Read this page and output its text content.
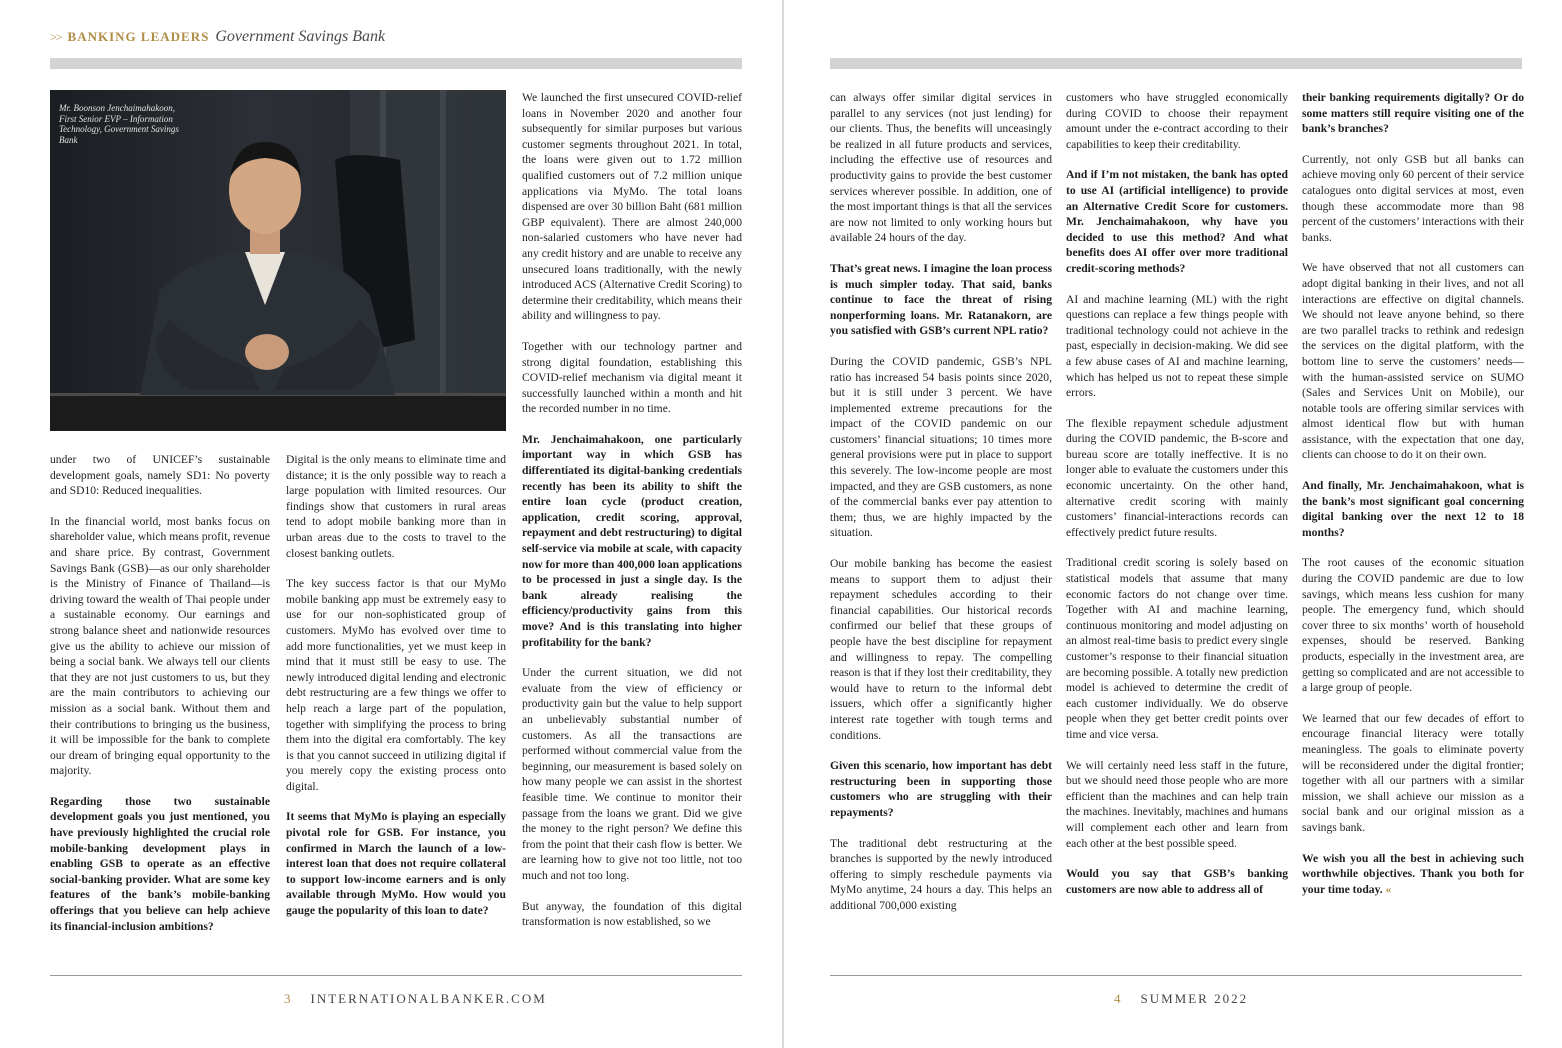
>> BANKING LEADERS Government Savings Bank
Mr. Boonson Jenchaimahakoon, First Senior EVP – Information Technology, Government Savings Bank

under two of UNICEF’s sustainable development goals, namely SD1: No poverty and SD10: Reduced inequalities.

In the financial world, most banks focus on shareholder value, which means profit, revenue and share price. By contrast, Government Savings Bank (GSB)—as our only shareholder is the Ministry of Finance of Thailand—is driving toward the wealth of Thai people under a sustainable economy. Our earnings and strong balance sheet and nationwide resources give us the ability to achieve our mission of being a social bank. We always tell our clients that they are not just customers to us, but they are the main contributors to achieving our mission as a social bank. Without them and their contributions to bringing us the business, it will be impossible for the bank to complete our dream of bringing equal opportunity to the majority.

Regarding those two sustainable development goals you just mentioned, you have previously highlighted the crucial role mobile-banking development plays in enabling GSB to operate as an effective social-banking provider. What are some key features of the bank’s mobile-banking offerings that you believe can help achieve its financial-inclusion ambitions?

Digital is the only means to eliminate time and distance; it is the only possible way to reach a large population with limited resources. Our findings show that customers in rural areas tend to adopt mobile banking more than in urban areas due to the costs to travel to the closest banking outlets.

The key success factor is that our MyMo mobile banking app must be extremely easy to use for our non-sophisticated group of customers. MyMo has evolved over time to add more functionalities, yet we must keep in mind that it must still be easy to use. The newly introduced digital lending and electronic debt restructuring are a few things we offer to help reach a large part of the population, together with simplifying the process to bring them into the digital era comfortably. The key is that you cannot succeed in utilizing digital if you merely copy the existing process onto digital.

It seems that MyMo is playing an especially pivotal role for GSB. For instance, you confirmed in March the launch of a low-interest loan that does not require collateral to support low-income earners and is only available through MyMo. How would you gauge the popularity of this loan to date?

We launched the first unsecured COVID-relief loans in November 2020 and another four subsequently for similar purposes but various customer segments throughout 2021. In total, the loans were given out to 1.72 million qualified customers out of 7.2 million unique applications via MyMo. The total loans dispensed are over 30 billion Baht (681 million GBP equivalent). There are almost 240,000 non-salaried customers who have never had any credit history and are unable to receive any unsecured loans traditionally, with the newly introduced ACS (Alternative Credit Scoring) to determine their creditability, which means their ability and willingness to pay.

Together with our technology partner and strong digital foundation, establishing this COVID-relief mechanism via digital meant it successfully launched within a month and hit the recorded number in no time.

Mr. Jenchaimahakoon, one particularly important way in which GSB has differentiated its digital-banking credentials recently has been its ability to shift the entire loan cycle (product creation, application, credit scoring, approval, repayment and debt restructuring) to digital self-service via mobile at scale, with capacity now for more than 400,000 loan applications to be processed in just a single day. Is the bank already realising the efficiency/productivity gains from this move? And is this translating into higher profitability for the bank?

Under the current situation, we did not evaluate from the view of efficiency or productivity gain but the value to help support an unbelievably substantial number of customers. As all the transactions are performed without commercial value from the beginning, our measurement is based solely on how many people we can assist in the shortest feasible time. We continue to monitor their passage from the loans we grant. Did we give the money to the right person? We define this from the point that their cash flow is better. We are learning how to give not too little, not too much and not too long.

But anyway, the foundation of this digital transformation is now established, so we

3 INTERNATIONALBANKER.COM

can always offer similar digital services in parallel to any services (not just lending) for our clients. Thus, the benefits will unceasingly be realized in all future products and services, including the effective use of resources and productivity gains to provide the best customer services wherever possible. In addition, one of the most important things is that all the services are now not limited to only working hours but available 24 hours of the day.

That’s great news. I imagine the loan process is much simpler today. That said, banks continue to face the threat of rising nonperforming loans. Mr. Ratanakorn, are you satisfied with GSB’s current NPL ratio?

During the COVID pandemic, GSB’s NPL ratio has increased 54 basis points since 2020, but it is still under 3 percent. We have implemented extreme precautions for the impact of the COVID pandemic on our customers’ financial situations; 10 times more general provisions were put in place to support this severely. The low-income people are most impacted, and they are GSB customers, as none of the commercial banks ever pay attention to them; thus, we are highly impacted by the situation.

Our mobile banking has become the easiest means to support them to adjust their repayment schedules according to their financial capabilities. Our historical records confirmed our belief that these groups of people have the best discipline for repayment and willingness to repay. The compelling reason is that if they lost their creditability, they would have to return to the informal debt issuers, which offer a significantly higher interest rate together with tough terms and conditions.

Given this scenario, how important has debt restructuring been in supporting those customers who are struggling with their repayments?

The traditional debt restructuring at the branches is supported by the newly introduced offering to simply reschedule payments via MyMo anytime, 24 hours a day. This helps an additional 700,000 existing

customers who have struggled economically during COVID to choose their repayment amount under the e-contract according to their capabilities to keep their creditability.

And if I’m not mistaken, the bank has opted to use AI (artificial intelligence) to provide an Alternative Credit Score for customers. Mr. Jenchaimahakoon, why have you decided to use this method? And what benefits does AI offer over more traditional credit-scoring methods?

AI and machine learning (ML) with the right questions can replace a few things people with traditional technology could not achieve in the past, especially in decision-making. We did see a few abuse cases of AI and machine learning, which has helped us not to repeat these simple errors.

The flexible repayment schedule adjustment during the COVID pandemic, the B-score and bureau score are totally ineffective. It is no longer able to evaluate the customers under this economic uncertainty. On the other hand, alternative credit scoring with mainly customers’ financial-interactions records can effectively predict future results.

Traditional credit scoring is solely based on statistical models that assume that many economic factors do not change over time. Together with AI and machine learning, continuous monitoring and model adjusting on an almost real-time basis to predict every single customer’s response to their financial situation are becoming possible. A totally new prediction model is achieved to determine the credit of each customer individually. We do observe people when they get better credit points over time and vice versa.

We will certainly need less staff in the future, but we should need those people who are more efficient than the machines and can help train the machines. Inevitably, machines and humans will complement each other and learn from each other at the best possible speed.

Would you say that GSB’s banking customers are now able to address all of

their banking requirements digitally? Or do some matters still require visiting one of the bank’s branches?

Currently, not only GSB but all banks can achieve moving only 60 percent of their service catalogues onto digital services at most, even though these accommodate more than 98 percent of the customers’ interactions with their banks.

We have observed that not all customers can adopt digital banking in their lives, and not all interactions are effective on digital channels. We should not leave anyone behind, so there are two parallel tracks to rethink and redesign the services on the digital platform, with the bottom line to serve the customers’ needs—with the human-assisted service on SUMO (Sales and Services Unit on Mobile), our notable tools are offering similar services with almost identical flow but with human assistance, with the expectation that one day, clients can choose to do it on their own.

And finally, Mr. Jenchaimahakoon, what is the bank’s most significant goal concerning digital banking over the next 12 to 18 months?

The root causes of the economic situation during the COVID pandemic are due to low savings, which means less cushion for many people. The emergency fund, which should cover three to six months’ worth of household expenses, should be reserved. Banking products, especially in the investment area, are getting so complicated and are not accessible to a large group of people.

We learned that our few decades of effort to encourage financial literacy were totally meaningless. The goals to eliminate poverty will be reconsidered under the digital frontier; together with all our partners with a similar mission, we shall achieve our mission as a social bank and our original mission as a savings bank.

We wish you all the best in achieving such worthwhile objectives. Thank you both for your time today. «

4 SUMMER 2022
